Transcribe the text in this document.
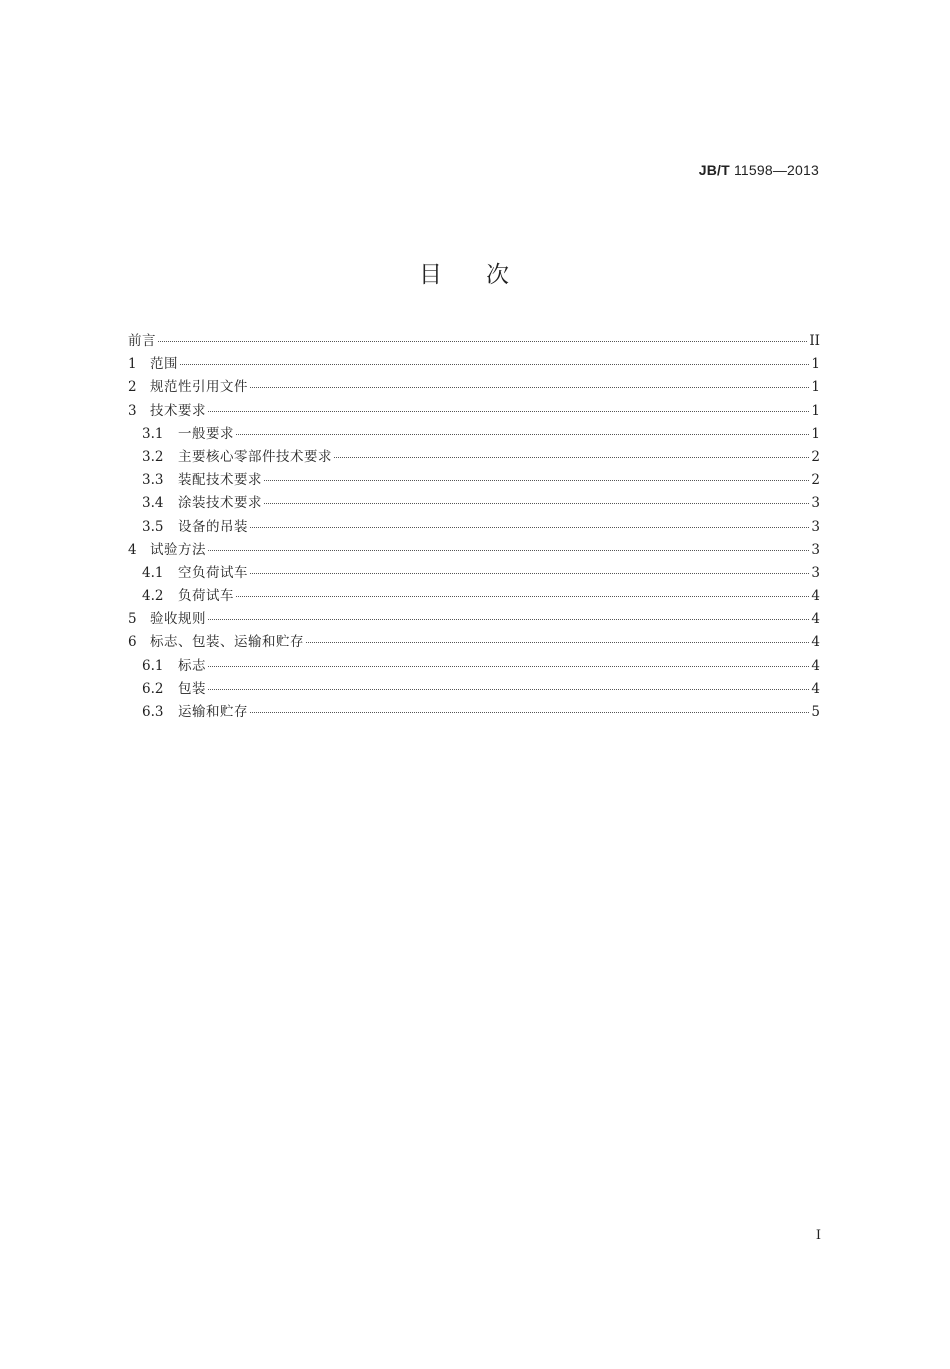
JB/T 11598—2013
目次
前言	II
1 范围	1
2 规范性引用文件	1
3 技术要求	1
3.1	一般要求	1
3.2	主要核心零部件技术要求	2
3.3	装配技术要求	2
3.4	涂装技术要求	3
3.5	设备的吊装	3
4 试验方法	3
4.1	空负荷试车	3
4.2	负荷试车	4
5 验收规则	4
6 标志、包装、运输和贮存	4
6.1	标志	4
6.2	包装	4
6.3	运输和贮存	5
I
